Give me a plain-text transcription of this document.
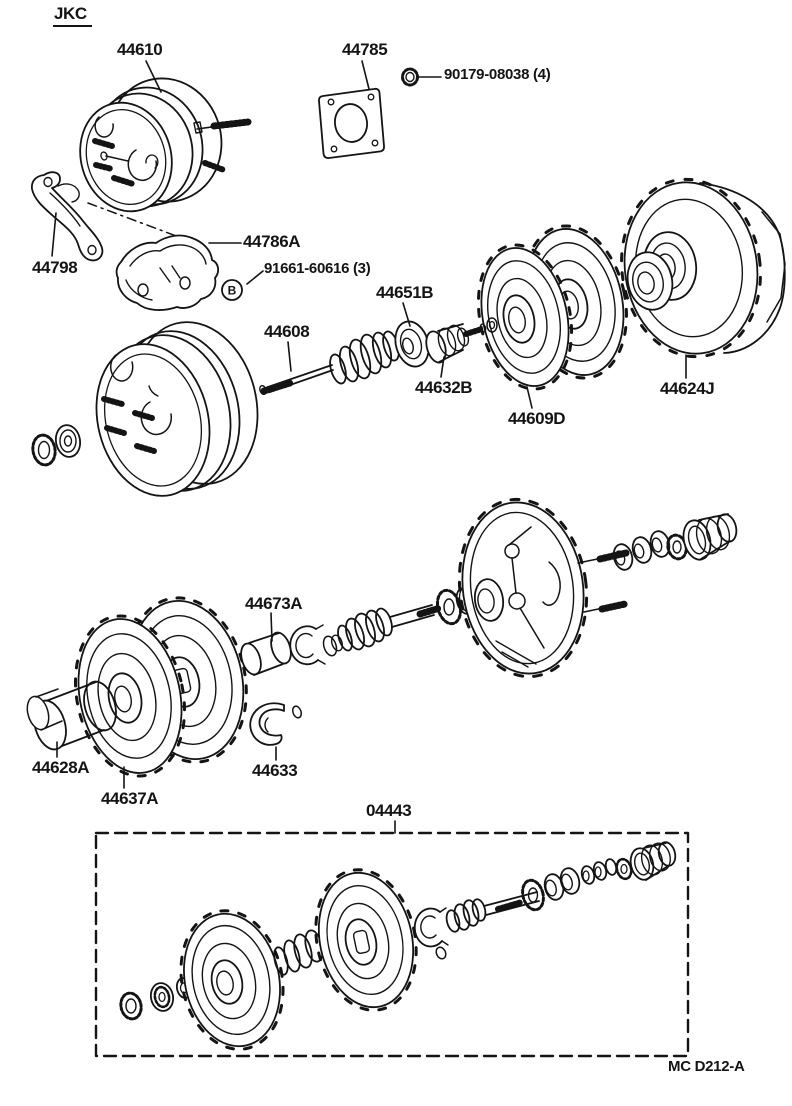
B
JKC
44610	44785
90179-08038 (4)
44786A
44798	91661-60616 (3)
44651B
44608
44632B
44609D
44624J
44673A
44628A	44633
44637A
04443
MC D212-A
